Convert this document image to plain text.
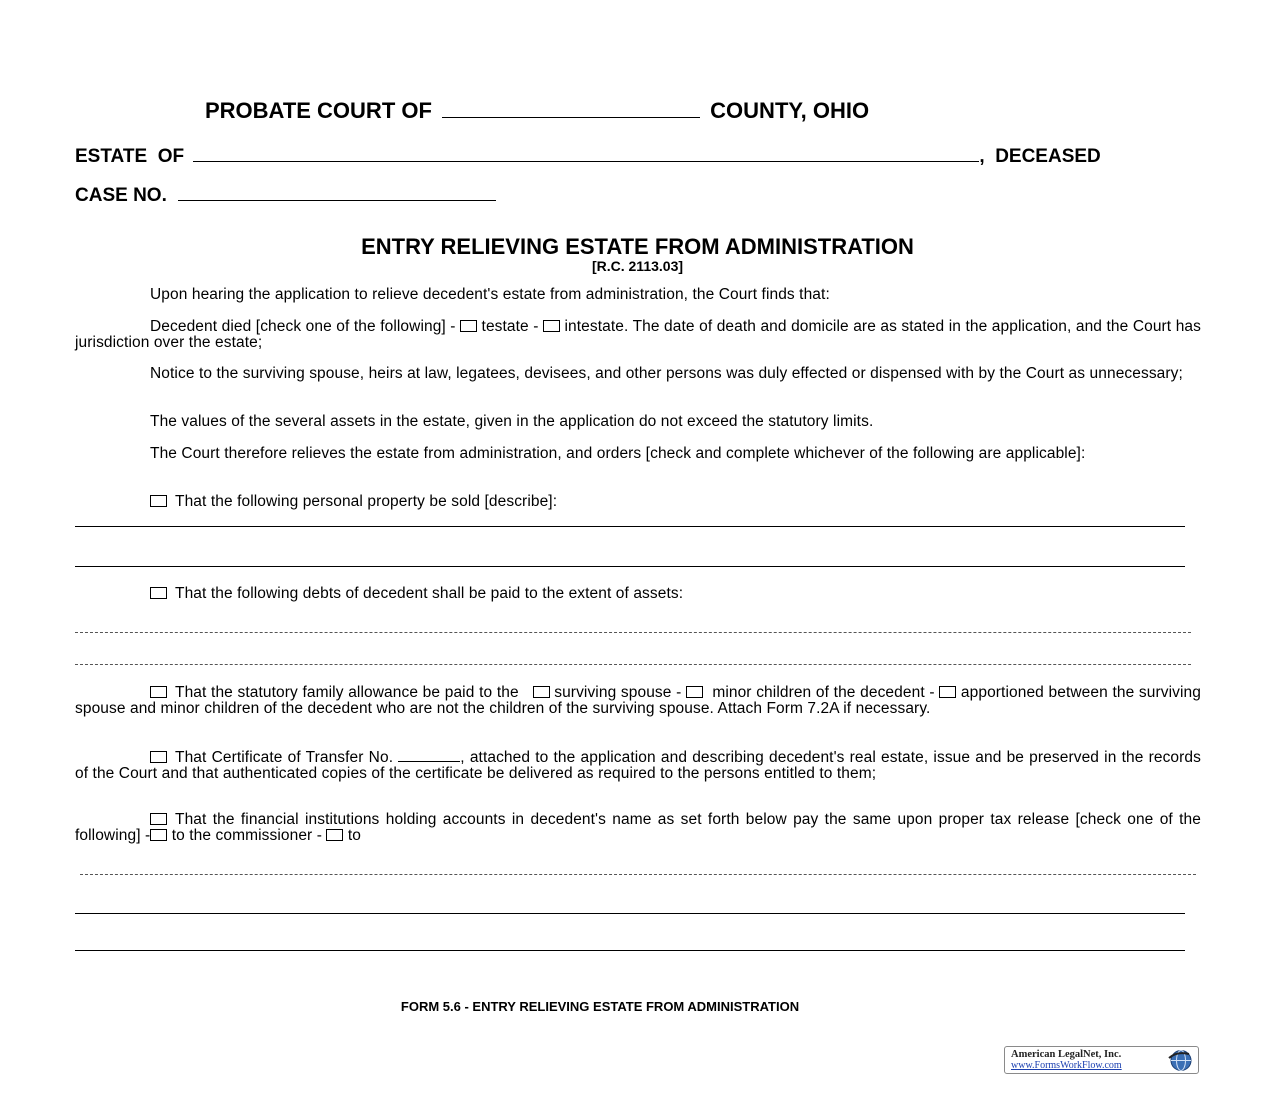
PROBATE COURT OF	COUNTY, OHIO
ESTATE  OF	,  DECEASED
CASE NO.
ENTRY RELIEVING ESTATE FROM ADMINISTRATION
[R.C. 2113.03]
Upon hearing the application to relieve decedent's estate from administration, the Court finds that:
Decedent died [check one of the following] - testate - intestate. The date of death and domicile are as stated in the application, and the Court has jurisdiction over the estate;
Notice to the surviving spouse, heirs at law, legatees, devisees, and other persons was duly effected or dispensed with by the Court as unnecessary;
The values of the several assets in the estate, given in the application do not exceed the statutory limits.
The Court therefore relieves the estate from administration, and orders [check and complete whichever of the following are applicable]:
That the following personal property be sold [describe]:
That the following debts of decedent shall be paid to the extent of assets:
That the statutory family allowance be paid to the surviving spouse - minor children of the decedent - apportioned between the surviving spouse and minor children of the decedent who are not the children of the surviving spouse. Attach Form 7.2A if necessary.
That Certificate of Transfer No.	, attached to the application and describing decedent's real estate, issue and be preserved in the records of the Court and that authenticated copies of the certificate be delivered as required to the persons entitled to them;
That the financial institutions holding accounts in decedent's name as set forth below pay the same upon proper tax release [check one of the following] - to the commissioner - to
FORM 5.6 - ENTRY RELIEVING ESTATE FROM ADMINISTRATION
American LegalNet, Inc.
www.FormsWorkFlow.com
